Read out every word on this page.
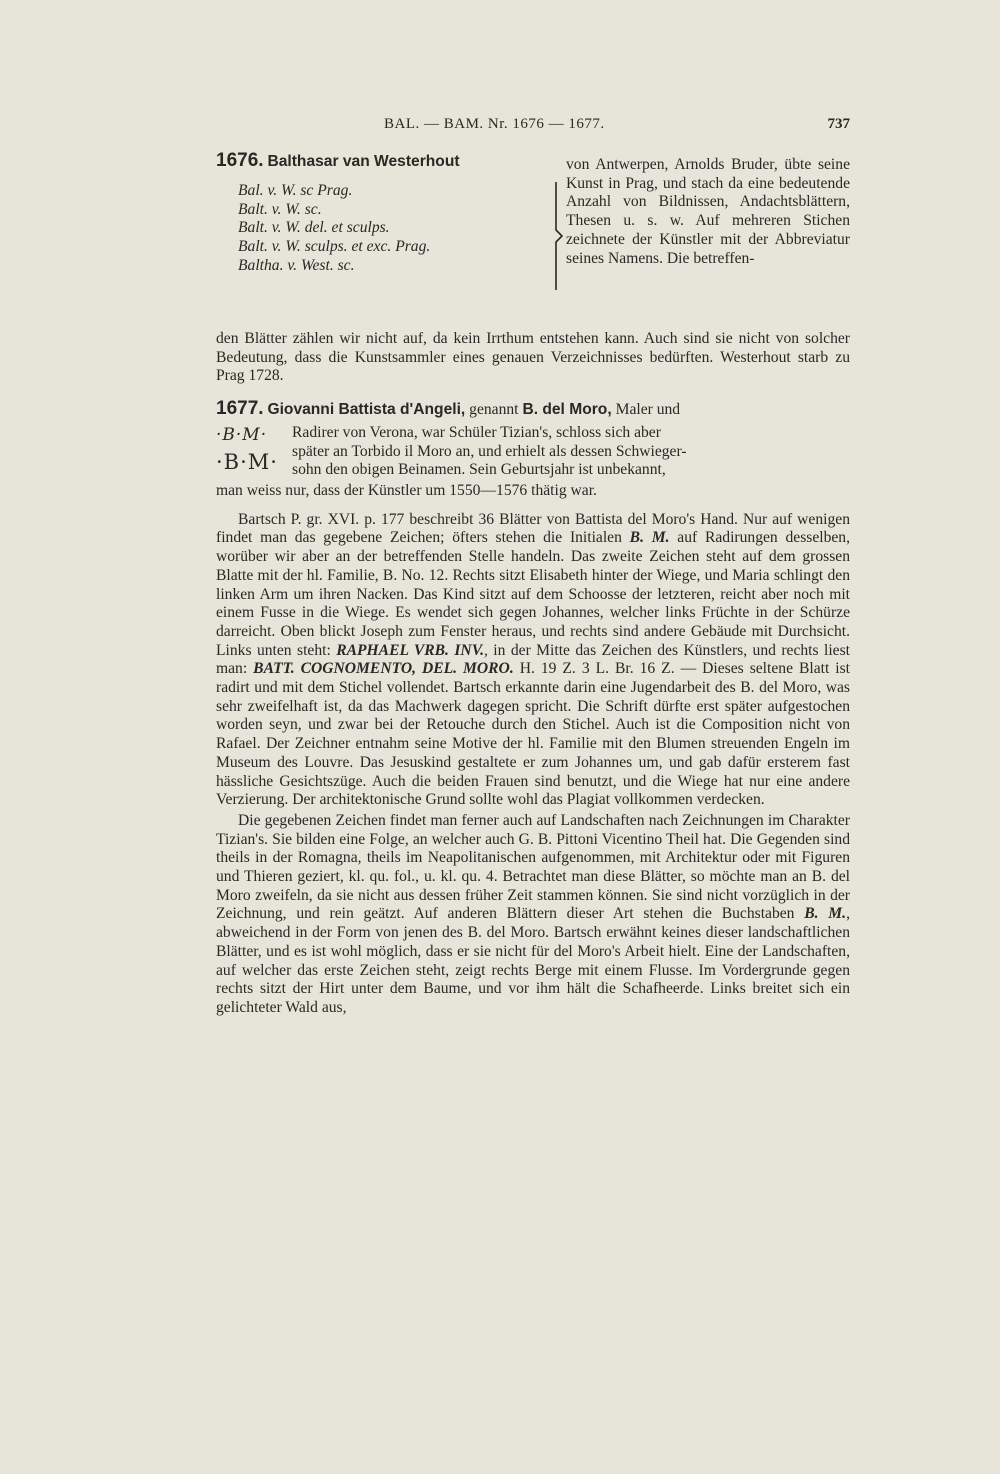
BAL. — BAM. Nr. 1676 — 1677.	737
1676. Balthasar van Westerhout
Bal. v. W. sc Prag.
Balt. v. W. sc.
Balt. v. W. del. et sculps.
Balt. v. W. sculps. et exc. Prag.
Baltha. v. West. sc.
von Antwerpen, Arnolds Bruder, übte seine Kunst in Prag, und stach da eine bedeutende Anzahl von Bildnissen, Andachtsblättern, Thesen u. s. w. Auf mehreren Stichen zeichnete der Künstler mit der Abbreviatur seines Namens. Die betreffen-

den Blätter zählen wir nicht auf, da kein Irrthum entstehen kann. Auch sind sie nicht von solcher Bedeutung, dass die Kunstsammler eines genauen Verzeichnisses bedürften. Westerhout starb zu Prag 1728.

1677. Giovanni Battista d'Angeli, genannt B. del Moro, Maler und
·B·M·
·B·M·
Radirer von Verona, war Schüler Tizian's, schloss sich aber
später an Torbido il Moro an, und erhielt als dessen Schwieger-
sohn den obigen Beinamen. Sein Geburtsjahr ist unbekannt,

man weiss nur, dass der Künstler um 1550—1576 thätig war.

Bartsch P. gr. XVI. p. 177 beschreibt 36 Blätter von Battista del Moro's Hand. Nur auf wenigen findet man das gegebene Zeichen; öfters stehen die Initialen B. M. auf Radirungen desselben, worüber wir aber an der betreffenden Stelle handeln. Das zweite Zeichen steht auf dem grossen Blatte mit der hl. Familie, B. No. 12. Rechts sitzt Elisabeth hinter der Wiege, und Maria schlingt den linken Arm um ihren Nacken. Das Kind sitzt auf dem Schoosse der letzteren, reicht aber noch mit einem Fusse in die Wiege. Es wendet sich gegen Johannes, welcher links Früchte in der Schürze darreicht. Oben blickt Joseph zum Fenster heraus, und rechts sind andere Gebäude mit Durchsicht. Links unten steht: RAPHAEL VRB. INV., in der Mitte das Zeichen des Künstlers, und rechts liest man: BATT. COGNOMENTO, DEL. MORO. H. 19 Z. 3 L. Br. 16 Z. — Dieses seltene Blatt ist radirt und mit dem Stichel vollendet. Bartsch erkannte darin eine Jugendarbeit des B. del Moro, was sehr zweifelhaft ist, da das Machwerk dagegen spricht. Die Schrift dürfte erst später aufgestochen worden seyn, und zwar bei der Retouche durch den Stichel. Auch ist die Composition nicht von Rafael. Der Zeichner entnahm seine Motive der hl. Familie mit den Blumen streuenden Engeln im Museum des Louvre. Das Jesuskind gestaltete er zum Johannes um, und gab dafür ersterem fast hässliche Gesichtszüge. Auch die beiden Frauen sind benutzt, und die Wiege hat nur eine andere Verzierung. Der architektonische Grund sollte wohl das Plagiat vollkommen verdecken.

Die gegebenen Zeichen findet man ferner auch auf Landschaften nach Zeichnungen im Charakter Tizian's. Sie bilden eine Folge, an welcher auch G. B. Pittoni Vicentino Theil hat. Die Gegenden sind theils in der Romagna, theils im Neapolitanischen aufgenommen, mit Architektur oder mit Figuren und Thieren geziert, kl. qu. fol., u. kl. qu. 4. Betrachtet man diese Blätter, so möchte man an B. del Moro zweifeln, da sie nicht aus dessen früher Zeit stammen können. Sie sind nicht vorzüglich in der Zeichnung, und rein geätzt. Auf anderen Blättern dieser Art stehen die Buchstaben B. M., abweichend in der Form von jenen des B. del Moro. Bartsch erwähnt keines dieser landschaftlichen Blätter, und es ist wohl möglich, dass er sie nicht für del Moro's Arbeit hielt. Eine der Landschaften, auf welcher das erste Zeichen steht, zeigt rechts Berge mit einem Flusse. Im Vordergrunde gegen rechts sitzt der Hirt unter dem Baume, und vor ihm hält die Schafheerde. Links breitet sich ein gelichteter Wald aus,
